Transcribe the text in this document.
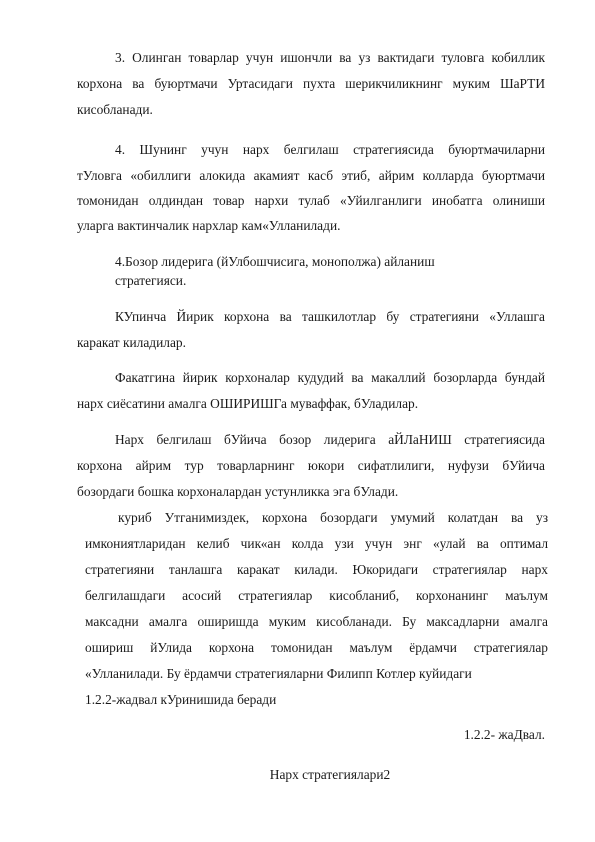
3. Олинган товарлар учун ишончли ва уз вактидаги туловга кобиллик
корхона ва буюртмачи Уртасидаги пухта шерикчиликнинг муким ШаРТИ
кисобланади.
4. Шунинг учун нарх белгилаш стратегиясида буюртмачиларни
тУловга «обиллиги алокида акамият касб этиб, айрим колларда буюртмачи
томонидан олдиндан товар нархи тулаб «Уйилганлиги инобатга олиниши
уларга вактинчалик нархлар кам«Улланилади.
4.Бозор лидерига (йУлбошчисига, монополжа) айланиш
стратегияси.
КУпинча Йирик корхона ва ташкилотлар бу стратегияни «Уллашга
каракат киладилар.
Факатгина йирик корхоналар кудудий ва макаллий бозорларда бундай
нарх сиёсатини амалга ОШИРИШГа муваффак, бУладилар.
Нарх белгилаш бУйича бозор лидерига аЙЛаНИШ стратегиясида
корхона айрим тур товарларнинг юкори сифатлилиги, нуфузи бУйича
бозордаги бошка корхоналардан устунликка эга бУлади.
куриб Утганимиздек, корхона бозордаги умумий колатдан ва уз
имкониятларидан келиб чик«ан колда узи учун энг «улай ва оптимал
стратегияни танлашга каракат килади. Юкоридаги стратегиялар нарх
белгилашдаги асосий стратегиялар кисобланиб, корхонанинг маълум
максадни амалга оширишда муким кисобланади. Бу максадларни амалга
ошириш йУлида корхона томонидан маълум ёрдамчи стратегиялар
«Улланилади. Бу ёрдамчи стратегияларни Филипп Котлер куйидаги
1.2.2-жадвал кУринишида беради
1.2.2- жаДвал.
Нарх стратегиялари2
